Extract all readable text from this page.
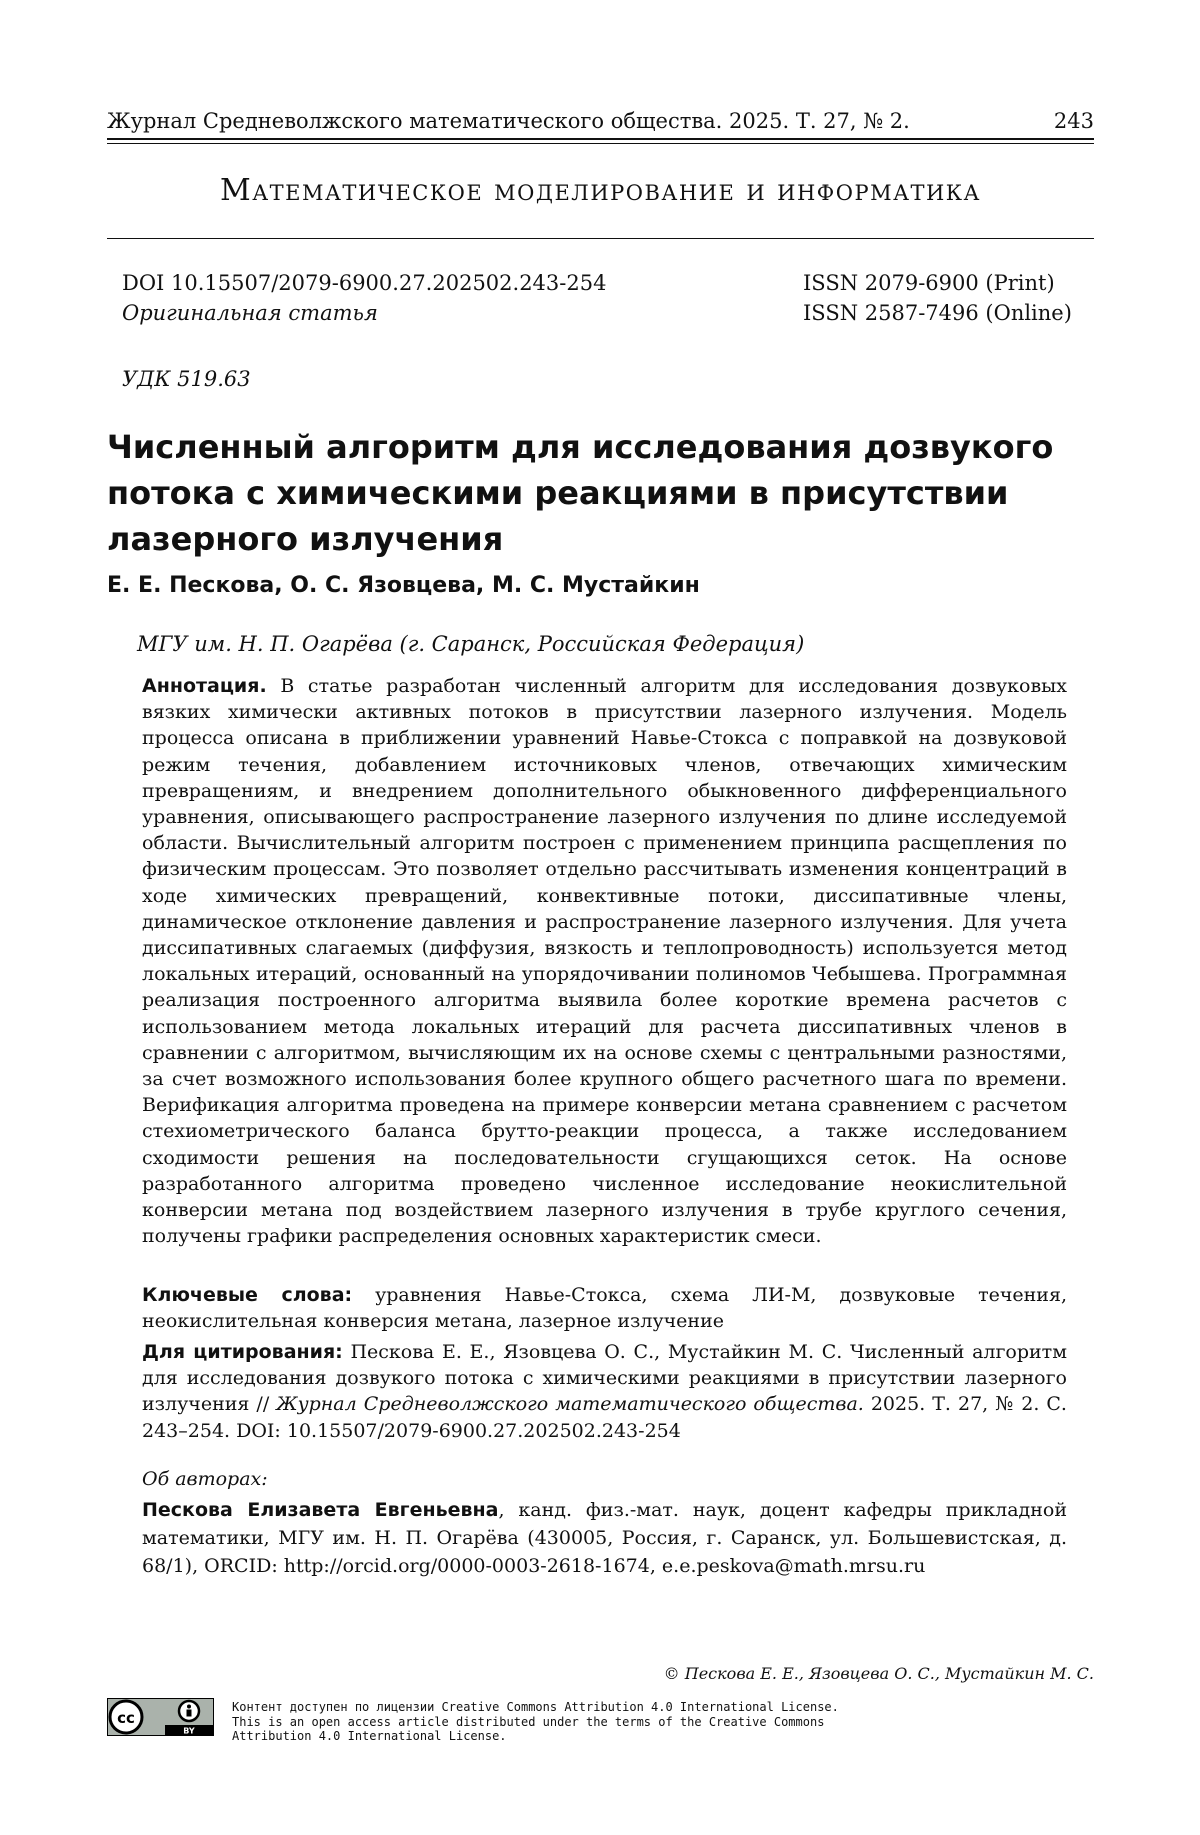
Журнал Средневолжского математического общества. 2025. Т. 27, № 2.	243
Математическое моделирование и информатика
DOI 10.15507/2079-6900.27.202502.243-254
Оригинальная статья
ISSN 2079-6900 (Print)
ISSN 2587-7496 (Online)
УДК 519.63
Численный алгоритм для исследования дозвукого
потока с химическими реакциями в присутствии
лазерного излучения
Е. Е. Пескова, О. С. Язовцева, М. С. Мустайкин
МГУ им. Н. П. Огарёва (г. Саранск, Российская Федерация)
Аннотация. В статье разработан численный алгоритм для исследования дозвуковых вязких химически активных потоков в присутствии лазерного излучения. Модель процесса описана в приближении уравнений Навье-Стокса с поправкой на дозвуковой режим течения, добавлением источниковых членов, отвечающих химическим превращениям, и внедрением дополнительного обыкновенного дифференциального уравнения, описывающего распространение лазерного излучения по длине исследуемой области. Вычислительный алгоритм построен с применением принципа расщепления по физическим процессам. Это позволяет отдельно рассчитывать изменения концентраций в ходе химических превращений, конвективные потоки, диссипативные члены, динамическое отклонение давления и распространение лазерного излучения. Для учета диссипативных слагаемых (диффузия, вязкость и теплопроводность) используется метод локальных итераций, основанный на упорядочивании полиномов Чебышева. Программная реализация построенного алгоритма выявила более короткие времена расчетов с использованием метода локальных итераций для расчета диссипативных членов в сравнении с алгоритмом, вычисляющим их на основе схемы с центральными разностями, за счет возможного использования более крупного общего расчетного шага по времени. Верификация алгоритма проведена на примере конверсии метана сравнением с расчетом стехиометрического баланса брутто-реакции процесса, а также исследованием сходимости решения на последовательности сгущающихся сеток. На основе разработанного алгоритма проведено численное исследование неокислительной конверсии метана под воздействием лазерного излучения в трубе круглого сечения, получены графики распределения основных характеристик смеси.
Ключевые слова: уравнения Навье-Стокса, схема ЛИ-М, дозвуковые течения, неокислительная конверсия метана, лазерное излучение
Для цитирования: Пескова Е. Е., Язовцева О. С., Мустайкин М. С. Численный алгоритм для исследования дозвукого потока с химическими реакциями в присутствии лазерного излучения // Журнал Средневолжского математического общества. 2025. Т. 27, № 2. С. 243–254. DOI: 10.15507/2079-6900.27.202502.243-254
Об авторах:
Пескова Елизавета Евгеньевна, канд. физ.-мат. наук, доцент кафедры прикладной математики, МГУ им. Н. П. Огарёва (430005, Россия, г. Саранск, ул. Большевистская, д. 68/1), ORCID: http://orcid.org/0000-0003-2618-1674, e.e.peskova@math.mrsu.ru
© Пескова Е. Е., Язовцева О. С., Мустайкин М. С.
cc
BY
Контент доступен по лицензии Creative Commons Attribution 4.0 International License.
This is an open access article distributed under the terms of the Creative Commons
Attribution 4.0 International License.
